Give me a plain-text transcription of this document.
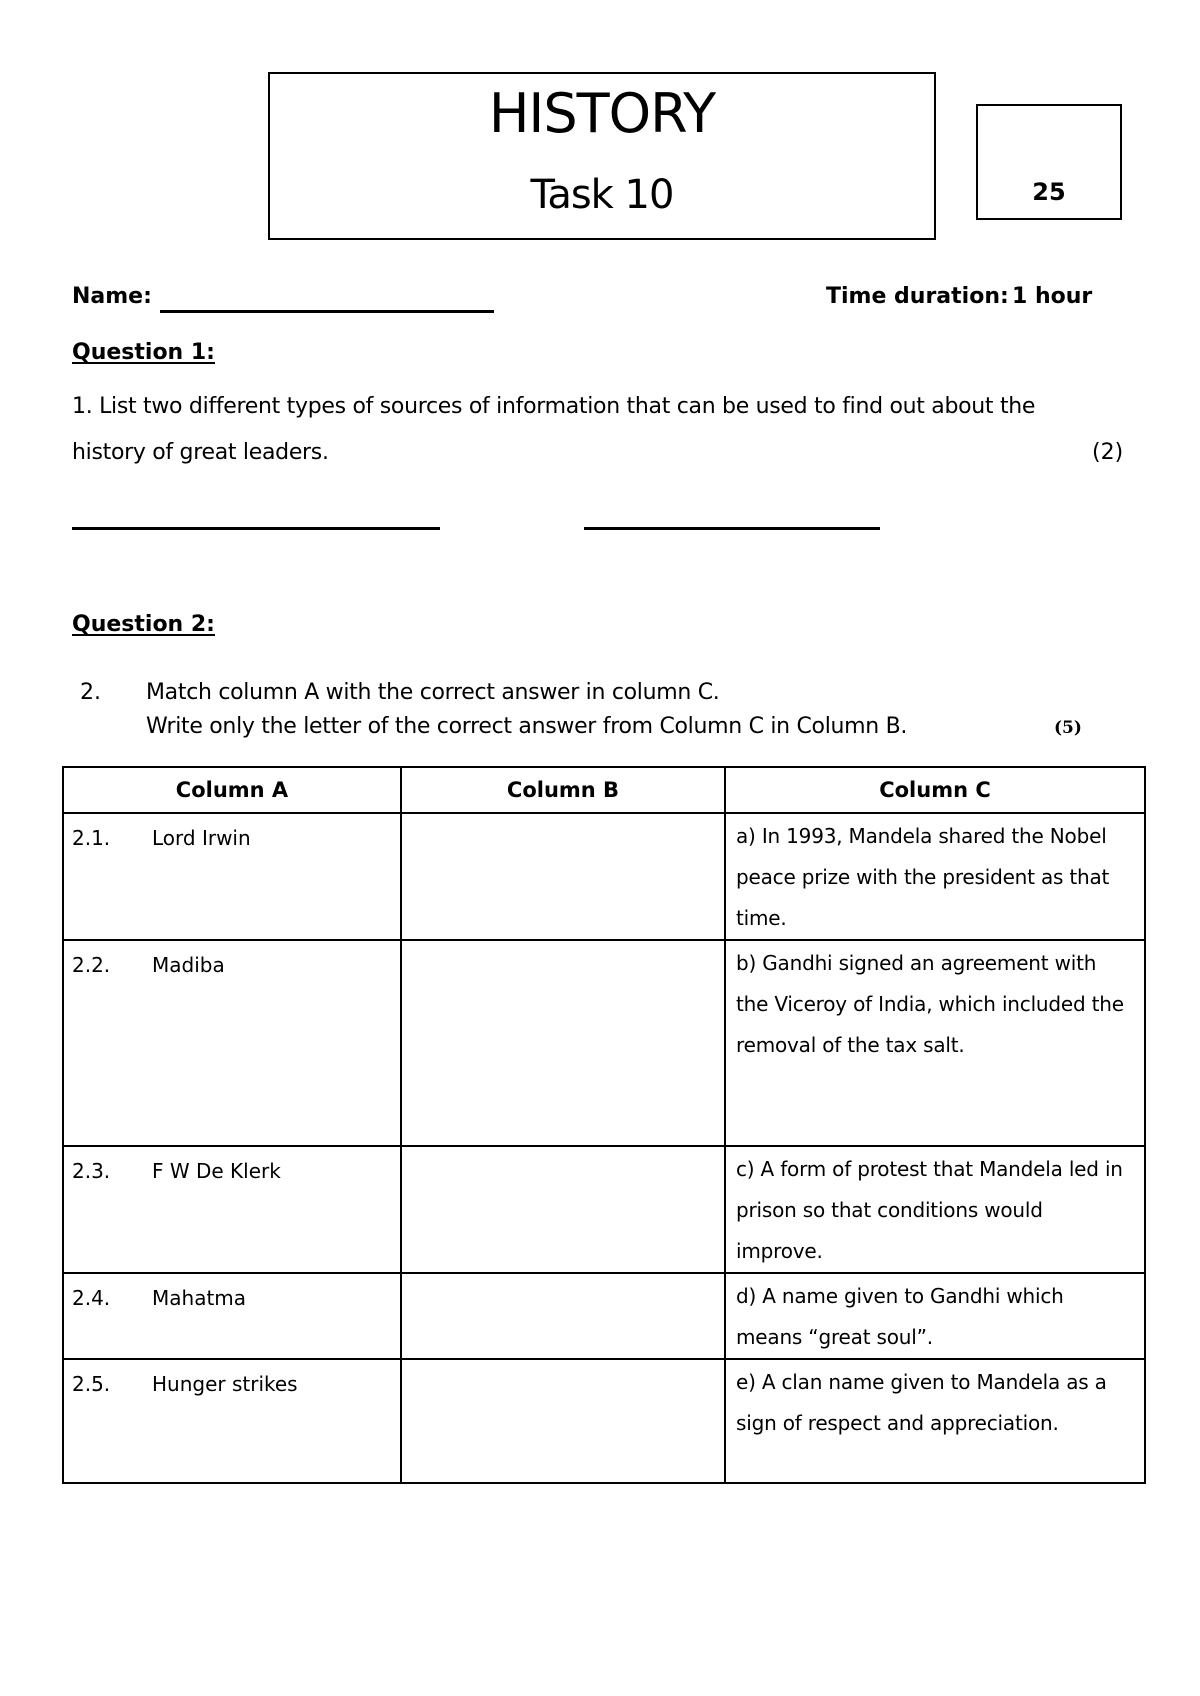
HISTORY
Task 10	25
Name:	Time duration: 1 hour
Question 1:
1. List two different types of sources of information that can be used to find out about the
history of great leaders.	(2)
Question 2:
2. Match column A with the correct answer in column C.
Write only the letter of the correct answer from Column C in Column B.	(5)
Column A	Column B	Column C

2.1. Lord Irwin		a) In 1993, Mandela shared the Nobel peace prize with the president as that time.

2.2. Madiba		b) Gandhi signed an agreement with the Viceroy of India, which included the removal of the tax salt.

2.3. F W De Klerk		c) A form of protest that Mandela led in prison so that conditions would improve.

2.4. Mahatma		d) A name given to Gandhi which means “great soul”.

2.5. Hunger strikes		e) A clan name given to Mandela as a sign of respect and appreciation.
